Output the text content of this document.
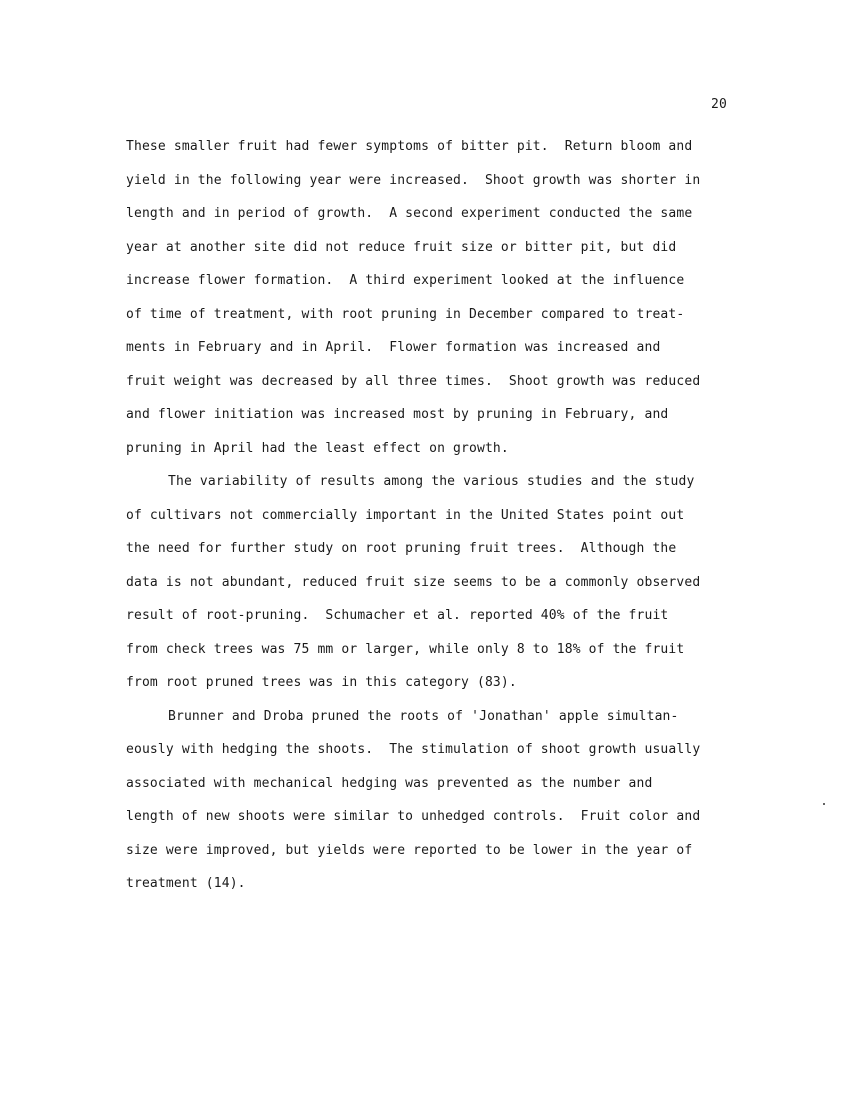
20
These smaller fruit had fewer symptoms of bitter pit.  Return bloom and
yield in the following year were increased.  Shoot growth was shorter in
length and in period of growth.  A second experiment conducted the same
year at another site did not reduce fruit size or bitter pit, but did
increase flower formation.  A third experiment looked at the influence
of time of treatment, with root pruning in December compared to treat-
ments in February and in April.  Flower formation was increased and
fruit weight was decreased by all three times.  Shoot growth was reduced
and flower initiation was increased most by pruning in February, and
pruning in April had the least effect on growth.
The variability of results among the various studies and the study
of cultivars not commercially important in the United States point out
the need for further study on root pruning fruit trees.  Although the
data is not abundant, reduced fruit size seems to be a commonly observed
result of root-pruning.  Schumacher et al. reported 40% of the fruit
from check trees was 75 mm or larger, while only 8 to 18% of the fruit
from root pruned trees was in this category (83).
Brunner and Droba pruned the roots of 'Jonathan' apple simultan-
eously with hedging the shoots.  The stimulation of shoot growth usually
associated with mechanical hedging was prevented as the number and
length of new shoots were similar to unhedged controls.  Fruit color and
size were improved, but yields were reported to be lower in the year of
treatment (14).
